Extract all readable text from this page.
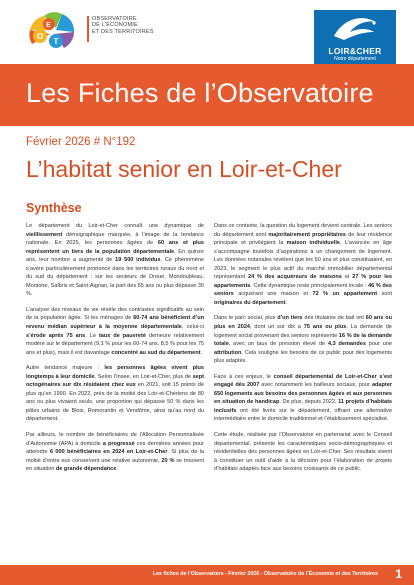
O
E
T
OBSERVATOIRE
DE L'ÉCONOMIE
ET DES TERRITOIRES
LOIR&CHER
Notre département
Les Fiches de l’Observatoire
Février 2026 # N°192
L’habitat senior en Loir-et-Cher
Synthèse

Le département du Loir-et-Cher connaît une dynamique de vieillissement démographique marquée, à l’image de la tendance nationale. En 2025, les personnes âgées de 60 ans et plus représentent un tiers de la population départementale. En quinze ans, leur nombre a augmenté de 19 500 individus. Ce phénomène s’avère particulièrement prononcé dans les territoires ruraux du nord et du sud du département : sur les secteurs de Droué, Mondoubleau, Montoire, Salbris et Saint-Aignan, la part des 65 ans ou plus dépasse 30 %.

L’analyse des niveaux de vie révèle des contrastes significatifs au sein de la population âgée. Si les ménages de 60-74 ans bénéficient d’un revenu médian supérieur à la moyenne départementale, celui-ci s’érode après 75 ans. Le taux de pauvreté demeure relativement modéré sur le département (9,1 % pour les 60-74 ans, 8,5 % pour les 75 ans et plus), mais il est davantage concentré au sud du département.

Autre tendance majeure : les personnes âgées vivent plus longtemps à leur domicile. Selon l’Insee, en Loir-et-Cher, plus de sept octogénaires sur dix résidaient chez eux en 2021, soit 15 points de plus qu’en 1990. En 2022, près de la moitié des Loir-et-Chériens de 80 ans ou plus vivaient seuls, une proportion qui dépasse 50 % dans les pôles urbains de Blois, Romorantin et Vendôme, ainsi qu’au nord du département.

Par ailleurs, le nombre de bénéficiaires de l’Allocation Personnalisée d’Autonomie (APA) à domicile a progressé ces dernières années pour atteindre 6 000 bénéficiaires en 2024 en Loir-et-Cher. Si plus de la moitié d’entre eux conservent une relative autonomie, 20 % se trouvent en situation de grande dépendance.

Dans ce contexte, la question du logement devient centrale. Les seniors du département sont majoritairement propriétaires de leur résidence principale et privilégient la maison individuelle. L’avancée en âge s’accompagne toutefois d’aspirations à un changement de logement. Les données notariales révèlent que les 60 ans et plus constituaient, en 2023, le segment le plus actif du marché immobilier départemental représentant 24 % des acquéreurs de maisons et 27 % pour les appartements. Cette dynamique reste principalement locale : 46 % des seniors acquérant une maison et 72 % un appartement sont originaires du département.

Dans le parc social, plus d’un tiers des titulaires de bail ont 60 ans ou plus en 2024, dont un sur dix a 75 ans ou plus. La demande de logement social provenant des seniors représente 16 % de la demande totale, avec un taux de pression élevé de 4,3 demandes pour une attribution. Cela souligne les besoins de ce public pour des logements plus adaptés.

Face à ces enjeux, le conseil départemental de Loir-et-Cher s’est engagé dès 2007 avec notamment les bailleurs sociaux, pour adapter 650 logements aux besoins des personnes âgées et aux personnes en situation de handicap. De plus, depuis 2022, 11 projets d’habitats inclusifs ont été livrés sur le département, offrant une alternative intermédiaire entre le domicile traditionnel et l’établissement spécialisé.

Cette étude, réalisée par l’Observatoire en partenariat avec le Conseil départemental, présente les caractéristiques socio-démographiques et résidentielles des personnes âgées en Loir-et-Cher. Ses résultats visent à constituer un outil d’aide à la décision pour l’élaboration de projets d’habitats adaptés face aux besoins croissants de ce public.

Les fiches de l’Observatoire - Février 2026 - Observatoire de l’Économie et des Territoires 1
